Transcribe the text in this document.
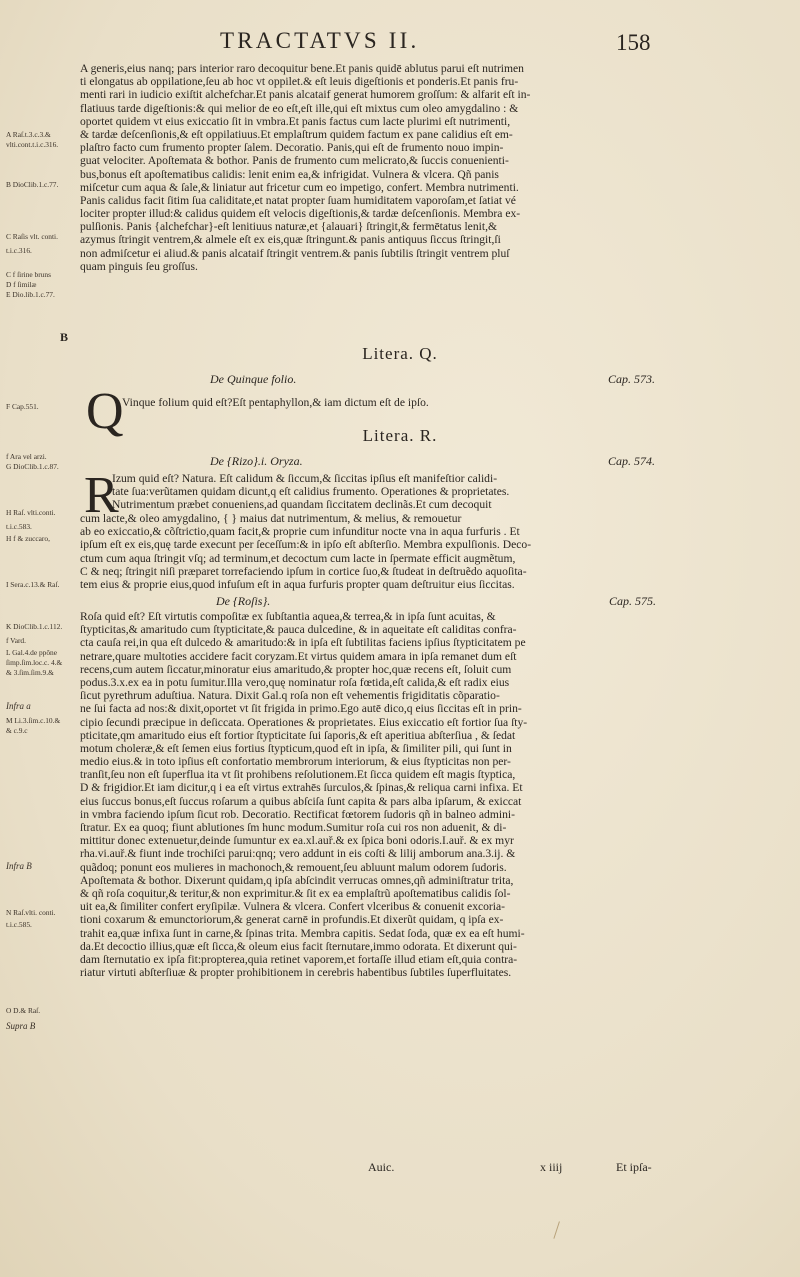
TRACTATVS II.	158
A Raſ.t.3.c.3.&
vlti.cont.t.i.c.316.
B DioClib.1.c.77.
C Raſis vlt. conti.
t.i.c.316.
C f ſirine bruns
D f ſimilæ
E Dio.lib.1.c.77.
F Cap.551.
f Ara vel arzi.
G DioClib.1.c.87.
H Raſ. vlti.conti.
t.i.c.583.
H f & zuccaro,
I Sera.c.13.& Raſ.
K DioClib.1.c.112.
f Vard.
L Gal.4.de ppõne
ſimp.ſim.loc.c. 4.&
& 3.ſim.ſim.9.&
Infra a
M Li.3.ſim.c.10.&
& c.9.c
Infra B
N Raſ.vlti. conti.
t.i.c.585.
O D.& Raſ.
Supra B
A generis,eius nanq; pars interior raro decoquitur bene.Et panis quidē ablutus parui eſt nutrimen
ti elongatus ab oppilatione,ſeu ab hoc vt oppilet.& eſt leuis digeſtionis et ponderis.Et panis fru-
menti rari in iudicio exiſtit alchefchar.Et panis alcataif generat humorem groſſum: & alfarit eſt in-
flatiuus tarde digeſtionis:& qui melior de eo eſt,eſt ille,qui eſt mixtus cum oleo amygdalino : &
oportet quidem vt eius exiccatio ſit in vmbra.Et panis factus cum lacte plurimi eſt nutrimenti,
& tardæ deſcenſionis,& eſt oppilatiuus.Et emplaſtrum quidem factum ex pane calidius eſt em-
plaſtro facto cum frumento propter ſalem. Decoratio. Panis,qui eſt de frumento nouo impin-
guat velociter. Apoſtemata & bothor. Panis de frumento cum melicrato,& ſuccis conuenienti-
bus,bonus eſt apoſtematibus calidis: lenit enim ea,& infrigidat. Vulnera & vlcera. Qñ panis
miſcetur cum aqua & ſale,& liniatur aut fricetur cum eo impetigo, confert. Membra nutrimenti.
Panis calidus facit ſitim ſua caliditate,et natat propter ſuam humiditatem vaporoſam,et ſatiat vé
lociter propter illud:& calidus quidem eſt velocis digeſtionis,& tardæ deſcenſionis. Membra ex-
pulſionis. Panis {alchefchar}-eſt lenitiuus naturæ,et {alauari} ſtringit,& fermētatus lenit,&
azymus ſtringit ventrem,& almele eſt ex eis,quæ ſtringunt.& panis antiquus ſiccus ſtringit,ſi
non admiſcetur ei aliud.& panis alcataif ſtringit ventrem.& panis ſubtilis ſtringit ventrem pluſ
quam pinguis ſeu groſſus.
B
Litera. Q.
De Quinque folio.	Cap. 573.
Q
Vinque folium quid eſt?Eſt pentaphyllon,& iam dictum eſt de ipſo.
Litera. R.
De {Rizo}.i. Oryza.	Cap. 574.
R
Izum quid eſt? Natura. Eſt calidum & ſiccum,& ſiccitas ipſius eſt manifeſtior calidi-
tate ſua:verũtamen quidam dicunt,q eſt calidius frumento. Operationes & proprietates.
Nutrimentum præbet conueniens,ad quandam ſiccitatem declinãs.Et cum decoquit
cum lacte,& oleo amygdalino, { } maius dat nutrimentum, & melius, & remouetur
ab eo exiccatio,& cõſtrictio,quam facit,& proprie cum infunditur nocte vna in aqua furfuris . Et
ipſum eſt ex eis,quę tarde execunt per ſeceſſum:& in ipſo eſt abſterſio. Membra expulſionis. Deco-
ctum cum aqua ſtringit vſq; ad terminum,et decoctum cum lacte in ſpermate efficit augmẽtum,
C & neq; ſtringit niſi præparet torrefaciendo ipſum in cortice ſuo,& ſtudeat in deſtruẽdo aquoſita-
tem eius & proprie eius,quod infuſum eſt in aqua furfuris propter quam deſtruitur eius ſiccitas.
De {Roſis}.	Cap. 575.
Roſa quid eſt? Eſt virtutis compoſitæ ex ſubſtantia aquea,& terrea,& in ipſa ſunt acuitas, &
ſtypticitas,& amaritudo cum ſtypticitate,& pauca dulcedine, & in aqueitate eſt caliditas confra-
cta cauſa rei,in qua eſt dulcedo & amaritudo:& in ipſa eſt ſubtilitas faciens ipſius ſtypticitatem pe
netrare,quare multoties accidere facit coryzam.Et virtus quidem amara in ipſa remanet dum eſt
recens,cum autem ſiccatur,minoratur eius amaritudo,& propter hoc,quæ recens eſt, ſoluit cum
podus.3.x.ex ea in potu ſumitur.Illa vero,quę nominatur roſa fœtida,eſt calida,& eſt radix eius
ſicut pyrethrum aduſtiua. Natura. Dixit Gal.q roſa non eſt vehementis frigiditatis cõparatio-
ne ſui facta ad nos:& dixit,oportet vt ſit frigida in primo.Ego autē dico,q eius ſiccitas eſt in prin-
cipio ſecundi præcipue in deſiccata. Operationes & proprietates. Eius exiccatio eſt fortior ſua ſty-
pticitate,qm amaritudo eius eſt fortior ſtypticitate ſui ſaporis,& eſt aperitiua abſterſiua , & ſedat
motum choleræ,& eſt ſemen eius fortius ſtypticum,quod eſt in ipſa, & ſimiliter pili, qui ſunt in
medio eius.& in toto ipſius eſt confortatio membrorum interiorum, & eius ſtypticitas non per-
tranſit,ſeu non eſt ſuperflua ita vt ſit prohibens reſolutionem.Et ſicca quidem eſt magis ſtyptica,
D & frigidior.Et iam dicitur,q i ea eſt virtus extrahēs ſurculos,& ſpinas,& reliqua carni infixa. Et
eius ſuccus bonus,eſt ſuccus roſarum a quibus abſciſa ſunt capita & pars alba ipſarum, & exiccat
in vmbra faciendo ipſum ſicut rob. Decoratio. Rectificat fœtorem ſudoris qñ in balneo admini-
ſtratur. Ex ea quoq; fiunt ablutiones ſm hunc modum.Sumitur roſa cui ros non aduenit, & di-
mittitur donec extenuetur,deinde ſumuntur ex ea.xl.auř.& ex ſpica boni odoris.I.auř. & ex myr
rha.vi.auř.& fiunt inde trochiſci parui:qnq; vero addunt in eis coſti & lilij amborum ana.3.ij. &
quãdoq; ponunt eos mulieres in machonoch,& remouent,ſeu abluunt malum odorem ſudoris.
Apoſtemata & bothor. Dixerunt quidam,q ipſa abſcindit verrucas omnes,qñ adminiſtratur trita,
& qñ roſa coquitur,& teritur,& non exprimitur.& ſit ex ea emplaſtrũ apoſtematibus calidis ſol-
uit ea,& ſimiliter confert eryſipilæ. Vulnera & vlcera. Confert vlceribus & conuenit excoria-
tioni coxarum & emunctoriorum,& generat carnē in profundis.Et dixerũt quidam, q ipſa ex-
trahit ea,quæ infixa ſunt in carne,& ſpinas trita. Membra capitis. Sedat ſoda, quæ ex ea eſt humi-
da.Et decoctio illius,quæ eſt ſicca,& oleum eius facit ſternutare,immo odorata. Et dixerunt qui-
dam ſternutatio ex ipſa fit:propterea,quia retinet vaporem,et fortaſſe illud etiam eſt,quia contra-
riatur virtuti abſterſiuæ & propter prohibitionem in cerebris habentibus ſubtiles ſuperfluitates.
Auic.	x iiij	Et ipſa-
